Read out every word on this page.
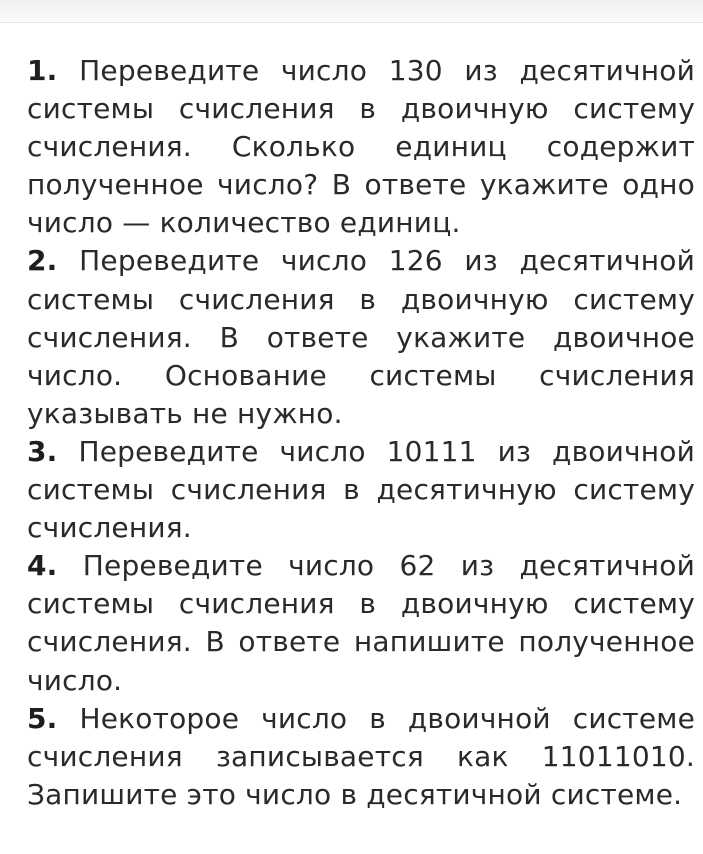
1. Переведите число 130 из десятичной системы счисления в двоичную систему счисления. Сколько единиц содержит полученное число? В ответе укажите одно число — количество единиц.

2. Переведите число 126 из десятичной системы счисления в двоичную систему счисления. В ответе укажите двоичное число. Основание системы счисления указывать не нужно.

3. Переведите число 10111 из двоичной системы счисления в десятичную систему счисления.

4. Переведите число 62 из десятичной системы счисления в двоичную систему счисления. В ответе напишите полученное число.

5. Некоторое число в двоичной системе счисления записывается как 11011010. Запишите это число в десятичной системе.
